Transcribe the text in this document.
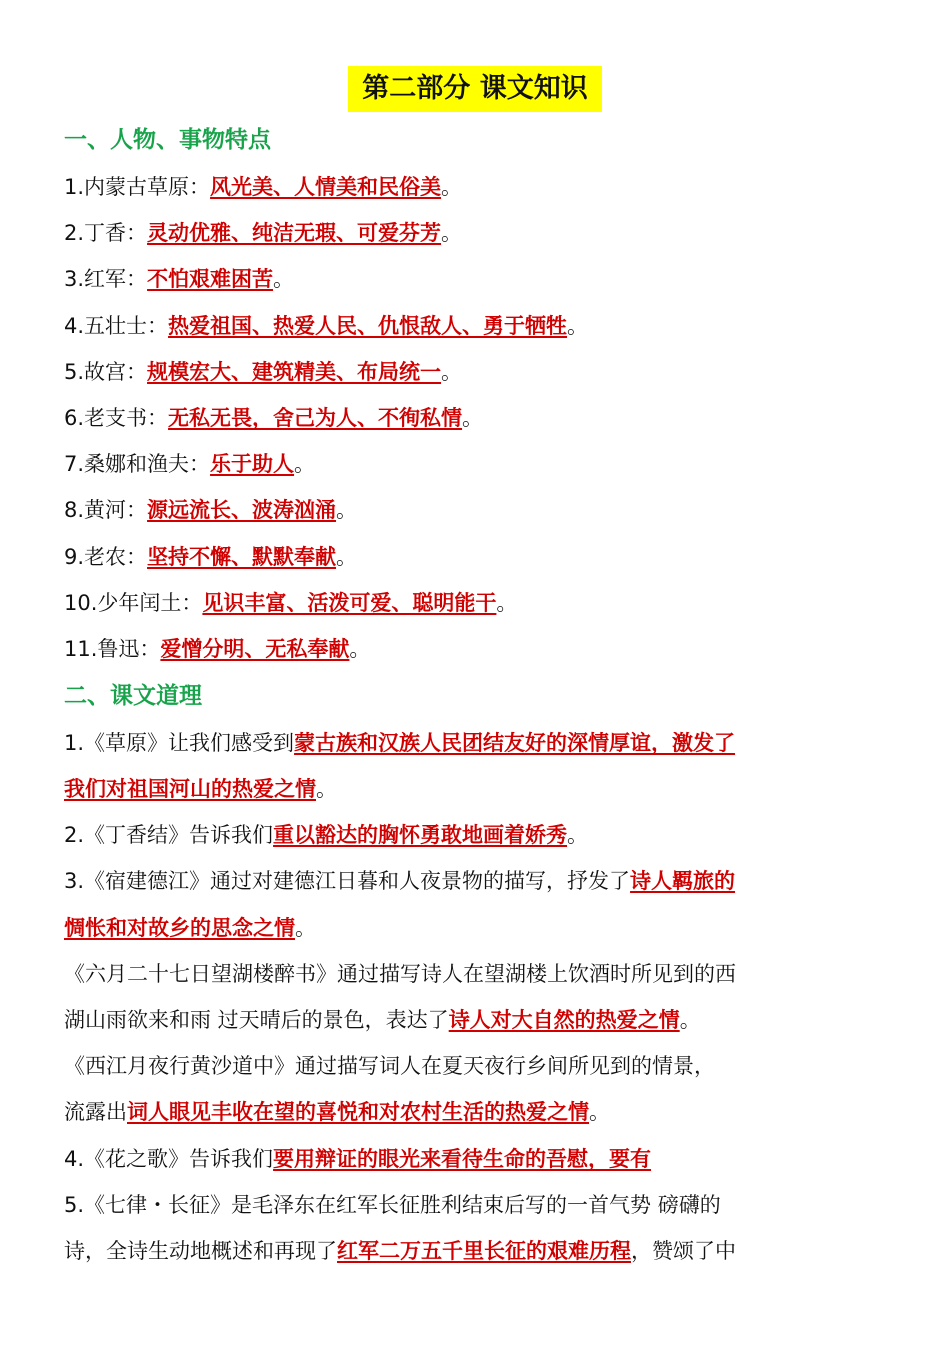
第二部分 课文知识
一、人物、事物特点
1.内蒙古草原：风光美、人情美和民俗美。
2.丁香：灵动优雅、纯洁无瑕、可爱芬芳。
3.红军：不怕艰难困苦。
4.五壮士：热爱祖国、热爱人民、仇恨敌人、勇于牺牲。
5.故宫：规模宏大、建筑精美、布局统一。
6.老支书：无私无畏，舍己为人、不徇私情。
7.桑娜和渔夫：乐于助人。
8.黄河：源远流长、波涛汹涌。
9.老农：坚持不懈、默默奉献。
10.少年闰土：见识丰富、活泼可爱、聪明能干。
11.鲁迅：爱憎分明、无私奉献。
二、课文道理
1.《草原》让我们感受到蒙古族和汉族人民团结友好的深情厚谊，激发了
我们对祖国河山的热爱之情。
2.《丁香结》告诉我们重以豁达的胸怀勇敢地画着娇秀。
3.《宿建德江》通过对建德江日暮和人夜景物的描写，抒发了诗人羁旅的
惆怅和对故乡的思念之情。
《六月二十七日望湖楼醉书》通过描写诗人在望湖楼上饮酒时所见到的西
湖山雨欲来和雨 过天晴后的景色，表达了诗人对大自然的热爱之情。
《西江月夜行黄沙道中》通过描写词人在夏天夜行乡间所见到的情景，
流露出词人眼见丰收在望的喜悦和对农村生活的热爱之情。
4.《花之歌》告诉我们要用辩证的眼光来看待生命的吾慰，要有
5.《七律・长征》是毛泽东在红军长征胜利结束后写的一首气势 磅礴的
诗，全诗生动地概述和再现了红军二万五千里长征的艰难历程，赞颂了中
